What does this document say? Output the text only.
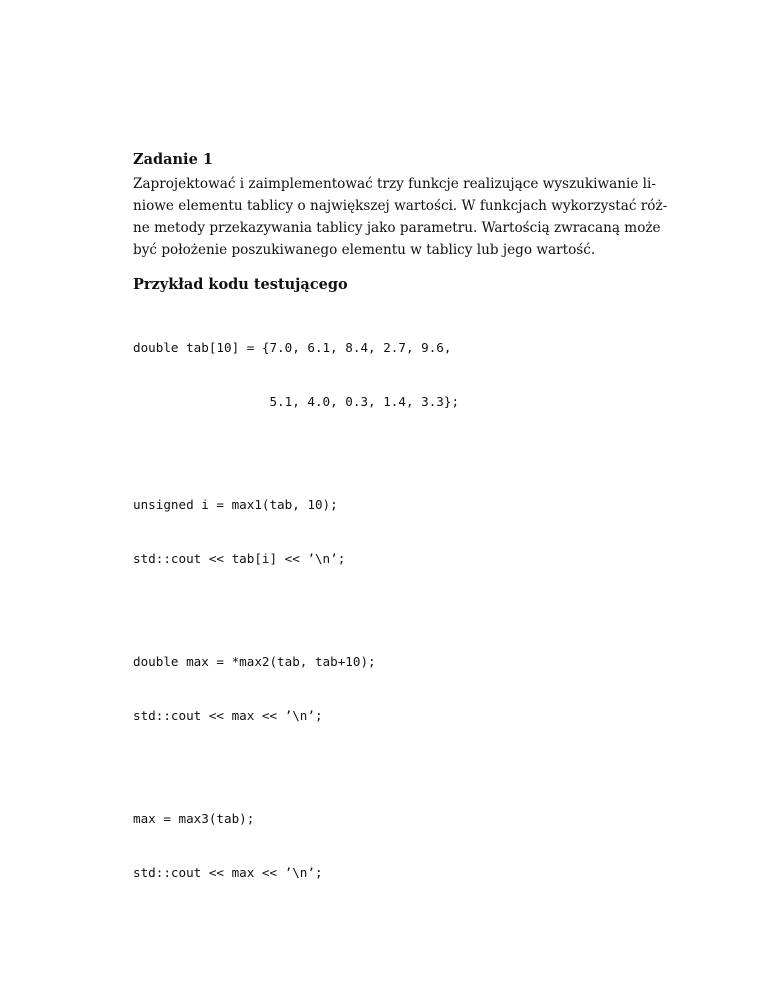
Zadanie 1
Zaprojektować i zaimplementować trzy funkcje realizujące wyszukiwanie li-
niowe elementu tablicy o największej wartości. W funkcjach wykorzystać róż-
ne metody przekazywania tablicy jako parametru. Wartością zwracaną może
być położenie poszukiwanego elementu w tablicy lub jego wartość.
Przykład kodu testującego

double tab[10] = {7.0, 6.1, 8.4, 2.7, 9.6,

5.1, 4.0, 0.3, 1.4, 3.3};

unsigned i = max1(tab, 10);

std::cout << tab[i] << ’\n’;

double max = *max2(tab, tab+10);

std::cout << max << ’\n’;

max = max3(tab);

std::cout << max << ’\n’;
